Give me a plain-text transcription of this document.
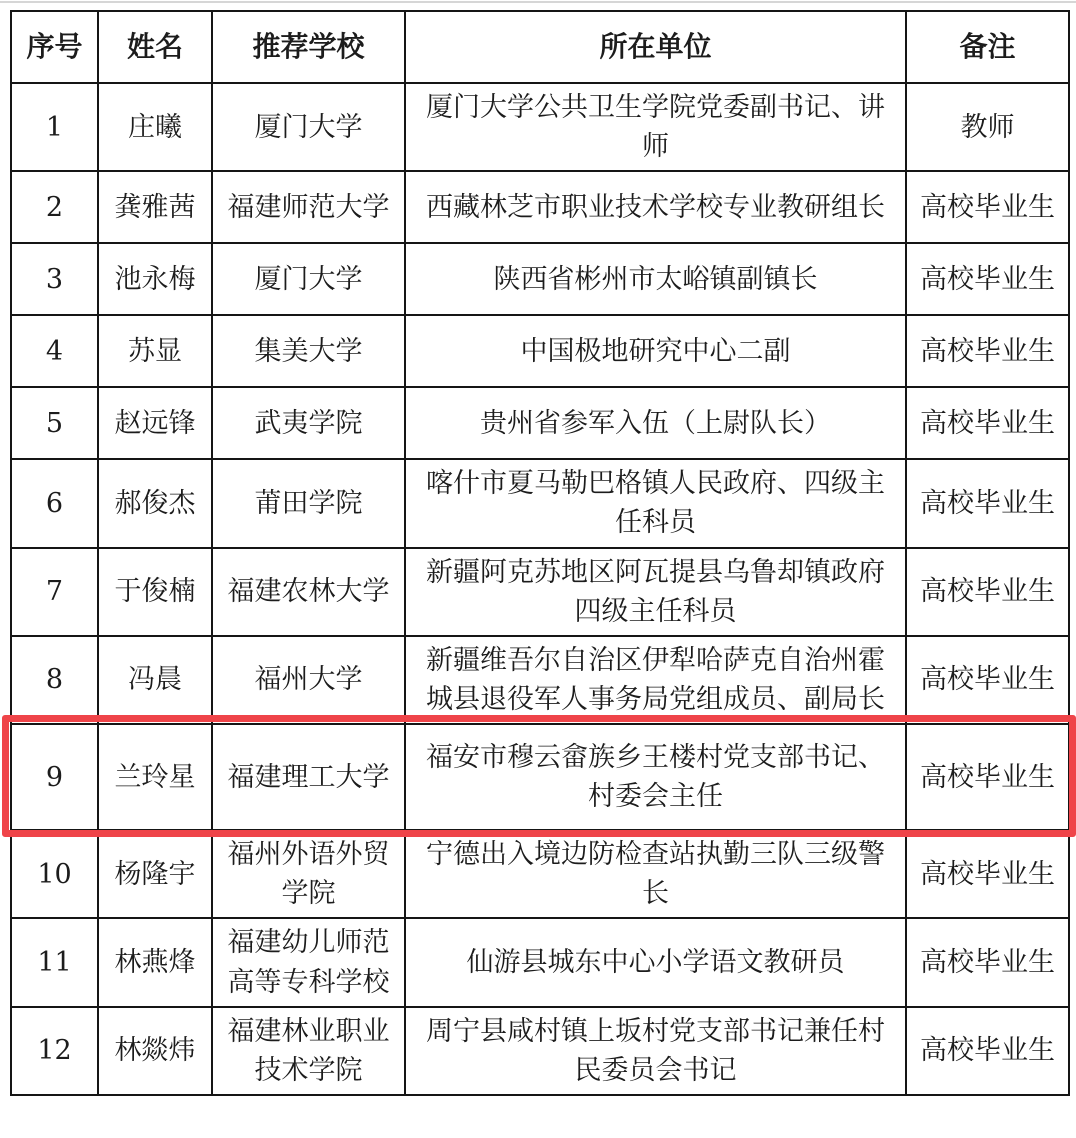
序号	姓名	推荐学校	所在单位	备注
1	庄曦	厦门大学	厦门大学公共卫生学院党委副书记、讲师	教师
2	龚雅茜	福建师范大学	西藏林芝市职业技术学校专业教研组长	高校毕业生
3	池永梅	厦门大学	陕西省彬州市太峪镇副镇长	高校毕业生
4	苏显	集美大学	中国极地研究中心二副	高校毕业生
5	赵远锋	武夷学院	贵州省参军入伍（上尉队长）	高校毕业生
6	郝俊杰	莆田学院	喀什市夏马勒巴格镇人民政府、四级主任科员	高校毕业生
7	于俊楠	福建农林大学	新疆阿克苏地区阿瓦提县乌鲁却镇政府四级主任科员	高校毕业生
8	冯晨	福州大学	新疆维吾尔自治区伊犁哈萨克自治州霍城县退役军人事务局党组成员、副局长	高校毕业生
9	兰玲星	福建理工大学	福安市穆云畲族乡王楼村党支部书记、村委会主任	高校毕业生
10	杨隆宇	福州外语外贸学院	宁德出入境边防检查站执勤三队三级警长	高校毕业生
11	林燕烽	福建幼儿师范高等专科学校	仙游县城东中心小学语文教研员	高校毕业生
12	林燚炜	福建林业职业技术学院	周宁县咸村镇上坂村党支部书记兼任村民委员会书记	高校毕业生
